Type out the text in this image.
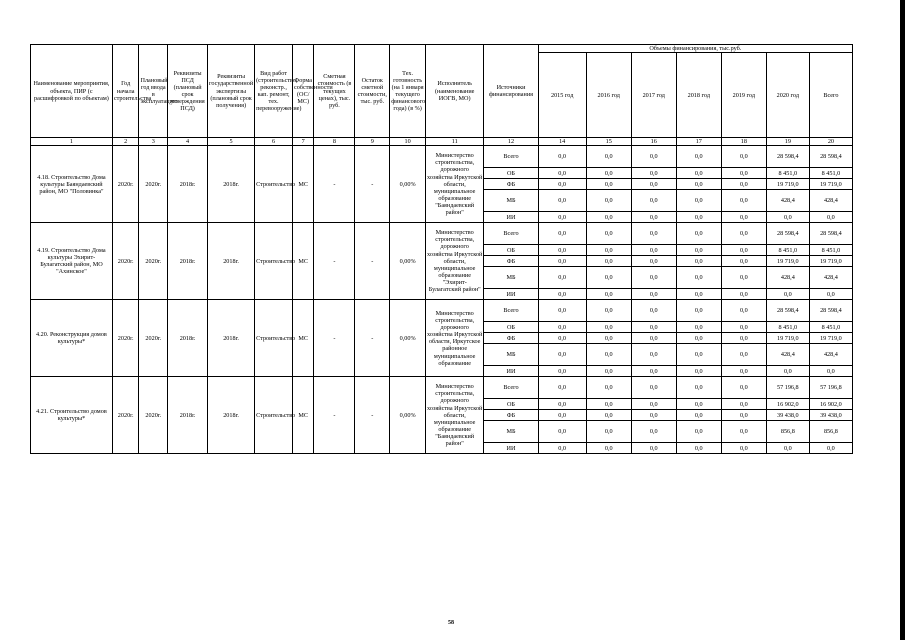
Наименование мероприятия, объекта, ПИР (с расшифровкой по объектам)	Год начала строительства	Плановый год ввода в эксплуатацию	Реквизиты ПСД (плановый срок утверждения ПСД)	Реквизиты государственной экспертизы (плановый срок получения)	Вид работ (строительство, реконстр., кап. ремонт, тех. перевооружение)	Форма собственности (ОС/МС)	Сметная стоимость (в текущих ценах), тыс. руб.	Остаток сметной стоимости, тыс. руб.	Тех. готовность (на 1 января текущего финансового года) (в %)	Исполнитель (наименование ИОГВ, МО)	Источники финансирования	Объемы финансирования, тыс.руб.						
												2015 год	2016 год	2017 год	2018 год	2019 год	2020 год	Всего
1	2	3	4	5	6	7	8	9	10	11	12	14	15	16	17	18	19	20
4.18. Строительство Дома культуры Баяндаевский район, МО "Половинка"	2020г.	2020г.	2018г.	2018г.	Строительство	МС	-	-	0,00%	Министерство строительства, дорожного хозяйства Иркутской области, муниципальное образование "Баяндаевский район"	Всего	0,0	0,0	0,0	0,0	0,0	28 598,4	28 598,4
											ОБ	0,0	0,0	0,0	0,0	0,0	8 451,0	8 451,0
											ФБ	0,0	0,0	0,0	0,0	0,0	19 719,0	19 719,0
											МБ	0,0	0,0	0,0	0,0	0,0	428,4	428,4
											ИИ	0,0	0,0	0,0	0,0	0,0	0,0	0,0
4.19. Строительство Дома культуры Эхирит-Булагатский район, МО "Ахинское"	2020г.	2020г.	2018г.	2018г.	Строительство	МС	-	-	0,00%	Министерство строительства, дорожного хозяйства Иркутской области, муниципальное образование "Эхирит-Булагатский район"	Всего	0,0	0,0	0,0	0,0	0,0	28 598,4	28 598,4
											ОБ	0,0	0,0	0,0	0,0	0,0	8 451,0	8 451,0
											ФБ	0,0	0,0	0,0	0,0	0,0	19 719,0	19 719,0
											МБ	0,0	0,0	0,0	0,0	0,0	428,4	428,4
											ИИ	0,0	0,0	0,0	0,0	0,0	0,0	0,0
4.20. Реконструкция домов культуры*	2020г.	2020г.	2018г.	2018г.	Строительство	МС	-	-	0,00%	Министерство строительства, дорожного хозяйства Иркутской области, Иркутское районное муниципальное образование	Всего	0,0	0,0	0,0	0,0	0,0	28 598,4	28 598,4
											ОБ	0,0	0,0	0,0	0,0	0,0	8 451,0	8 451,0
											ФБ	0,0	0,0	0,0	0,0	0,0	19 719,0	19 719,0
											МБ	0,0	0,0	0,0	0,0	0,0	428,4	428,4
											ИИ	0,0	0,0	0,0	0,0	0,0	0,0	0,0
4.21. Строительство домов культуры*	2020г.	2020г.	2018г.	2018г.	Строительство	МС	-	-	0,00%	Министерство строительства, дорожного хозяйства Иркутской области, муниципальное образование "Баяндаевский район"	Всего	0,0	0,0	0,0	0,0	0,0	57 196,8	57 196,8
											ОБ	0,0	0,0	0,0	0,0	0,0	16 902,0	16 902,0
											ФБ	0,0	0,0	0,0	0,0	0,0	39 438,0	39 438,0
											МБ	0,0	0,0	0,0	0,0	0,0	856,8	856,8
											ИИ	0,0	0,0	0,0	0,0	0,0	0,0	0,0
58
